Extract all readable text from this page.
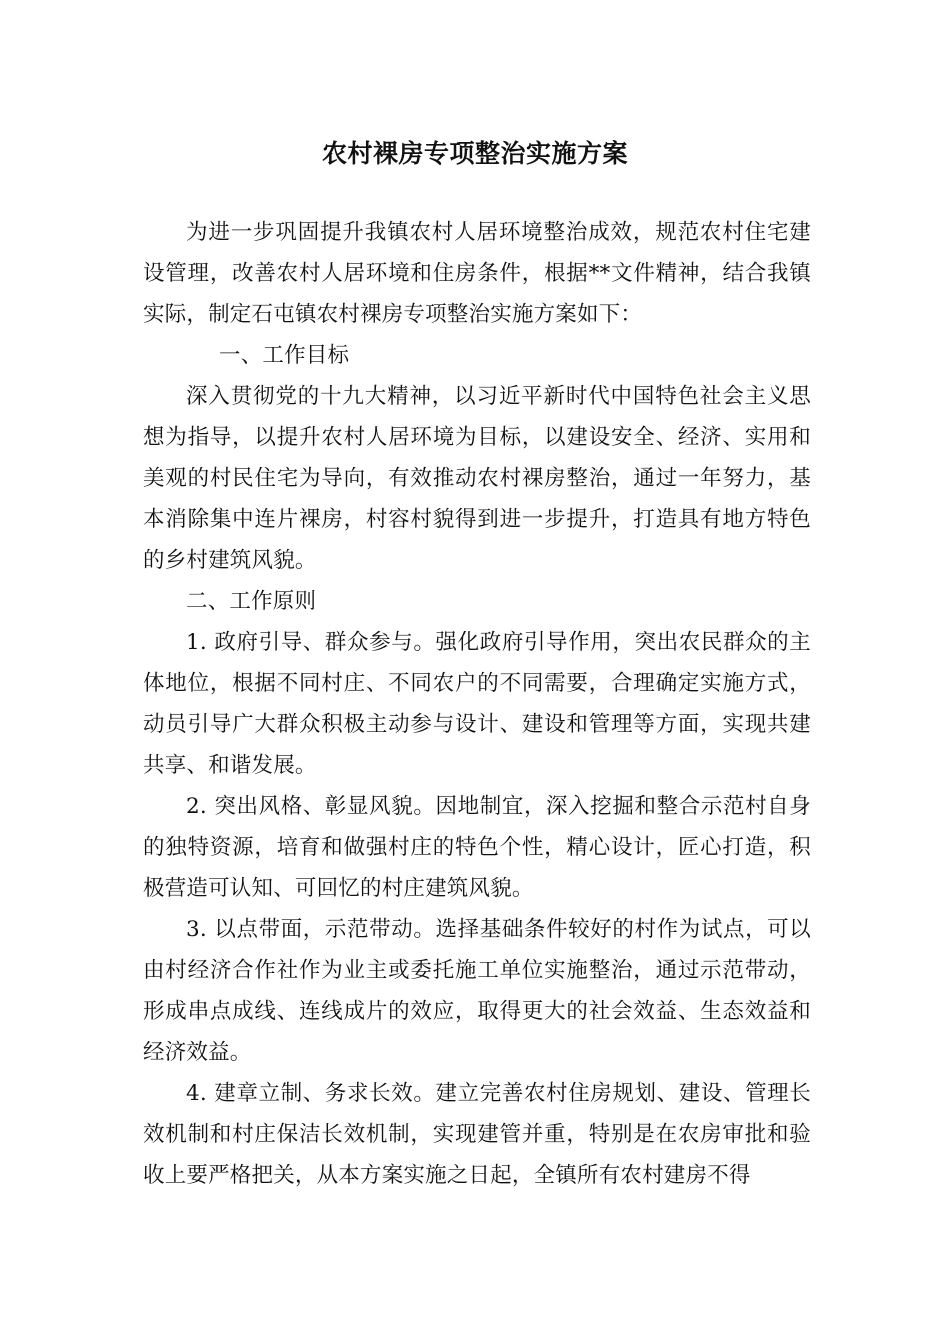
农村裸房专项整治实施方案

为进一步巩固提升我镇农村人居环境整治成效，规范农村住宅建设管理，改善农村人居环境和住房条件，根据**文件精神，结合我镇实际，制定石屯镇农村裸房专项整治实施方案如下：

一、工作目标

深入贯彻党的十九大精神，以习近平新时代中国特色社会主义思想为指导，以提升农村人居环境为目标，以建设安全、经济、实用和美观的村民住宅为导向，有效推动农村裸房整治，通过一年努力，基本消除集中连片裸房，村容村貌得到进一步提升，打造具有地方特色的乡村建筑风貌。

二、工作原则

1. 政府引导、群众参与。强化政府引导作用，突出农民群众的主体地位，根据不同村庄、不同农户的不同需要，合理确定实施方式，动员引导广大群众积极主动参与设计、建设和管理等方面，实现共建共享、和谐发展。

2. 突出风格、彰显风貌。因地制宜，深入挖掘和整合示范村自身的独特资源，培育和做强村庄的特色个性，精心设计，匠心打造，积极营造可认知、可回忆的村庄建筑风貌。

3. 以点带面，示范带动。选择基础条件较好的村作为试点，可以由村经济合作社作为业主或委托施工单位实施整治，通过示范带动，形成串点成线、连线成片的效应，取得更大的社会效益、生态效益和经济效益。

4. 建章立制、务求长效。建立完善农村住房规划、建设、管理长效机制和村庄保洁长效机制，实现建管并重，特别是在农房审批和验收上要严格把关，从本方案实施之日起，全镇所有农村建房不得
